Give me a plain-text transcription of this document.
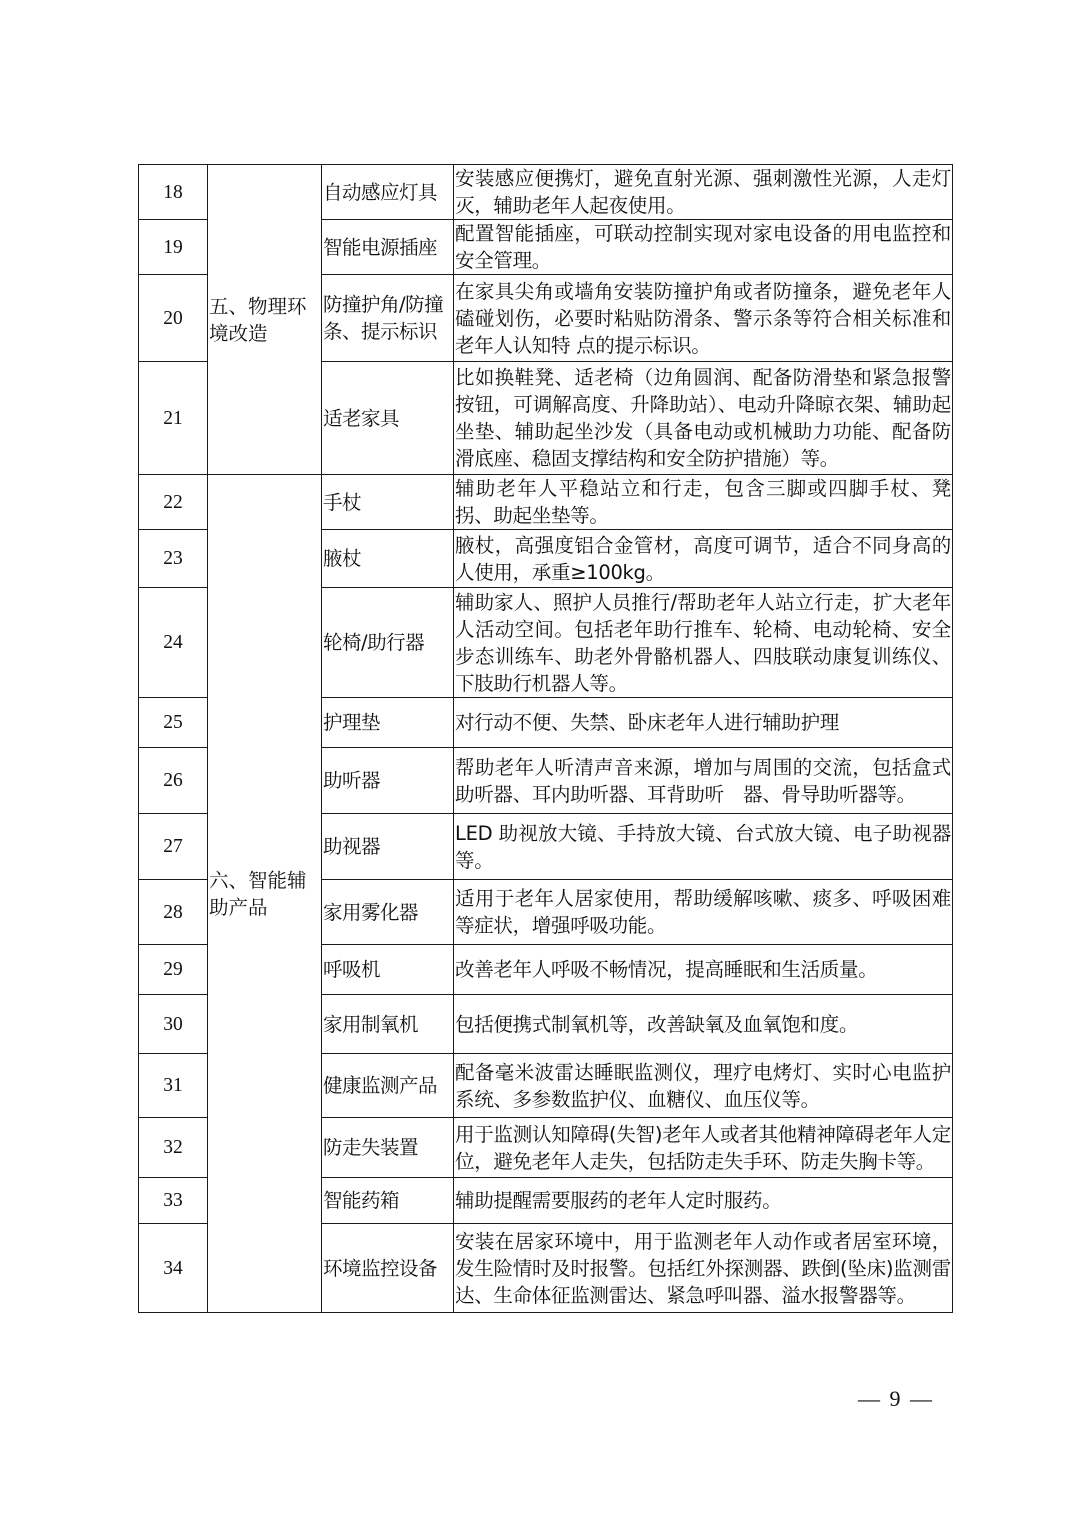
18	五、物理环境改造	自动感应灯具	安装感应便携灯，避免直射光源、强刺激性光源，人走灯灭，辅助老年人起夜使用。
19		智能电源插座	配置智能插座，可联动控制实现对家电设备的用电监控和安全管理。
20		防撞护角/防撞条、提示标识	在家具尖角或墙角安装防撞护角或者防撞条，避免老年人磕碰划伤，必要时粘贴防滑条、警示条等符合相关标准和老年人认知特 点的提示标识。
21		适老家具	比如换鞋凳、适老椅（边角圆润、配备防滑垫和紧急报警按钮，可调解高度、升降助站）、电动升降晾衣架、辅助起坐垫、辅助起坐沙发（具备电动或机械助力功能、配备防滑底座、稳固支撑结构和安全防护措施）等。
22	六、智能辅助产品	手杖	辅助老年人平稳站立和行走，包含三脚或四脚手杖、凳拐、助起坐垫等。
23		腋杖	腋杖，高强度铝合金管材，高度可调节，适合不同身高的人使用，承重≥100kg。
24		轮椅/助行器	辅助家人、照护人员推行/帮助老年人站立行走，扩大老年人活动空间。包括老年助行推车、轮椅、电动轮椅、安全步态训练车、助老外骨骼机器人、四肢联动康复训练仪、下肢助行机器人等。
25		护理垫	对行动不便、失禁、卧床老年人进行辅助护理
26		助听器	帮助老年人听清声音来源，增加与周围的交流，包括盒式助听器、耳内助听器、耳背助听　器、骨导助听器等。
27		助视器	LED 助视放大镜、手持放大镜、台式放大镜、电子助视器等。
28		家用雾化器	适用于老年人居家使用，帮助缓解咳嗽、痰多、呼吸困难等症状，增强呼吸功能。
29		呼吸机	改善老年人呼吸不畅情况，提高睡眠和生活质量。
30		家用制氧机	包括便携式制氧机等，改善缺氧及血氧饱和度。
31		健康监测产品	配备毫米波雷达睡眠监测仪，理疗电烤灯、实时心电监护系统、多参数监护仪、血糖仪、血压仪等。
32		防走失装置	用于监测认知障碍(失智)老年人或者其他精神障碍老年人定位，避免老年人走失，包括防走失手环、防走失胸卡等。
33		智能药箱	辅助提醒需要服药的老年人定时服药。
34		环境监控设备	安装在居家环境中，用于监测老年人动作或者居室环境，发生险情时及时报警。包括红外探测器、跌倒(坠床)监测雷达、生命体征监测雷达、紧急呼叫器、溢水报警器等。
— 9 —
